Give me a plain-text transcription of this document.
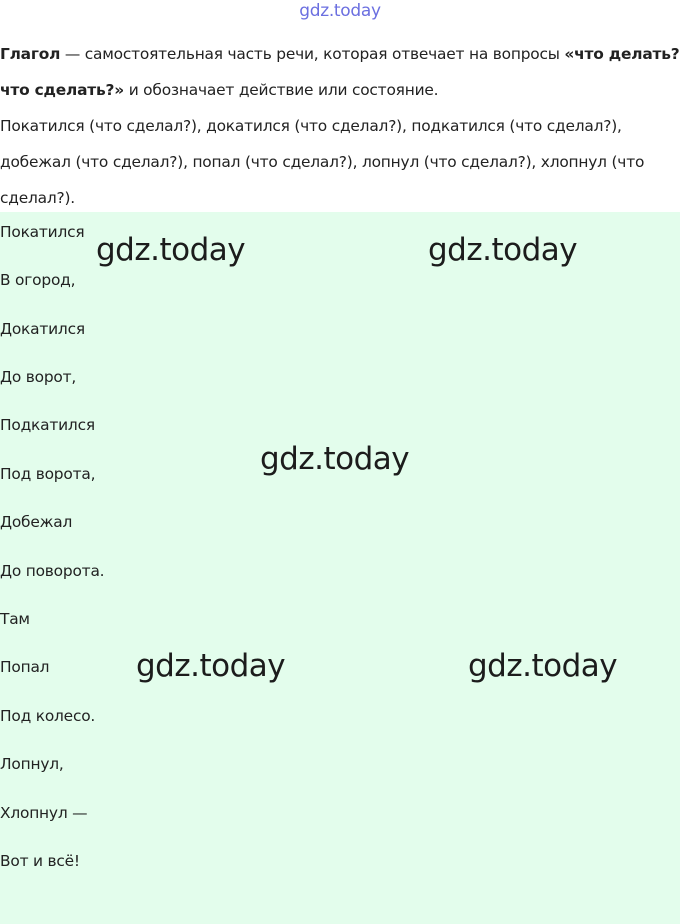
gdz.today

Глагол — самостоятельная часть речи, которая отвечает на вопросы «что делать? что сделать?» и обозначает действие или состояние.

Покатился (что сделал?), докатился (что сделал?), подкатился (что сделал?),

добежал (что сделал?), попал (что сделал?), лопнул (что сделал?), хлопнул (что

сделал?).

Покатился
В огород,
Докатился
До ворот,
Подкатился
Под ворота,
Добежал
До поворота.
Там
Попал
Под колесо.
Лопнул,
Хлопнул —
Вот и всё!
gdz.today	gdz.today
gdz.today
gdz.today	gdz.today
